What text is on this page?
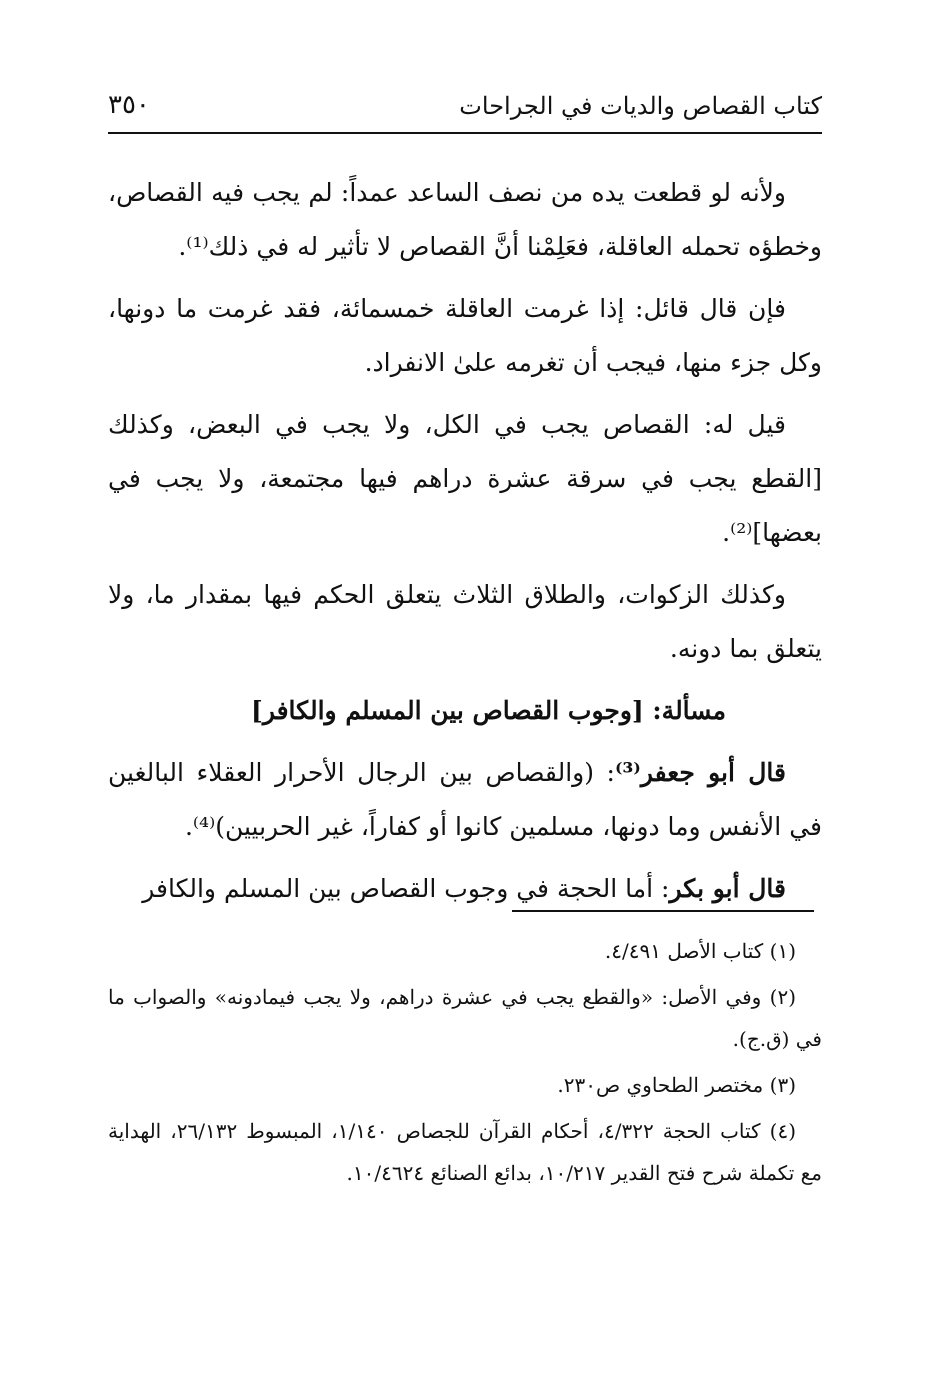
كتاب القصاص والديات في الجراحات
٣٥٠

ولأنه لو قطعت يده من نصف الساعد عمداً: لم يجب فيه القصاص، وخطؤه تحمله العاقلة، فعَلِمْنا أنَّ القصاص لا تأثير له في ذلك⁽¹⁾.

فإن قال قائل: إذا غرمت العاقلة خمسمائة، فقد غرمت ما دونها، وكل جزء منها، فيجب أن تغرمه علىٰ الانفراد.

قيل له: القصاص يجب في الكل، ولا يجب في البعض، وكذلك [القطع يجب في سرقة عشرة دراهم فيها مجتمعة، ولا يجب في بعضها]⁽²⁾.

وكذلك الزكوات، والطلاق الثلاث يتعلق الحكم فيها بمقدار ما، ولا يتعلق بما دونه.

مسألة: [وجوب القصاص بين المسلم والكافر]

قال أبو جعفر⁽³⁾: (والقصاص بين الرجال الأحرار العقلاء البالغين في الأنفس وما دونها، مسلمين كانوا أو كفاراً، غير الحربيين)⁽⁴⁾.

قال أبو بكر: أما الحجة في وجوب القصاص بين المسلم والكافر

(١) كتاب الأصل ٤/٤٩١.

(٢) وفي الأصل: «والقطع يجب في عشرة دراهم، ولا يجب فيمادونه» والصواب ما في (ق.ج).

(٣) مختصر الطحاوي ص٢٣٠.

(٤) كتاب الحجة ٤/٣٢٢، أحكام القرآن للجصاص ١/١٤٠، المبسوط ٢٦/١٣٢، الهداية مع تكملة شرح فتح القدير ١٠/٢١٧، بدائع الصنائع ١٠/٤٦٢٤.
